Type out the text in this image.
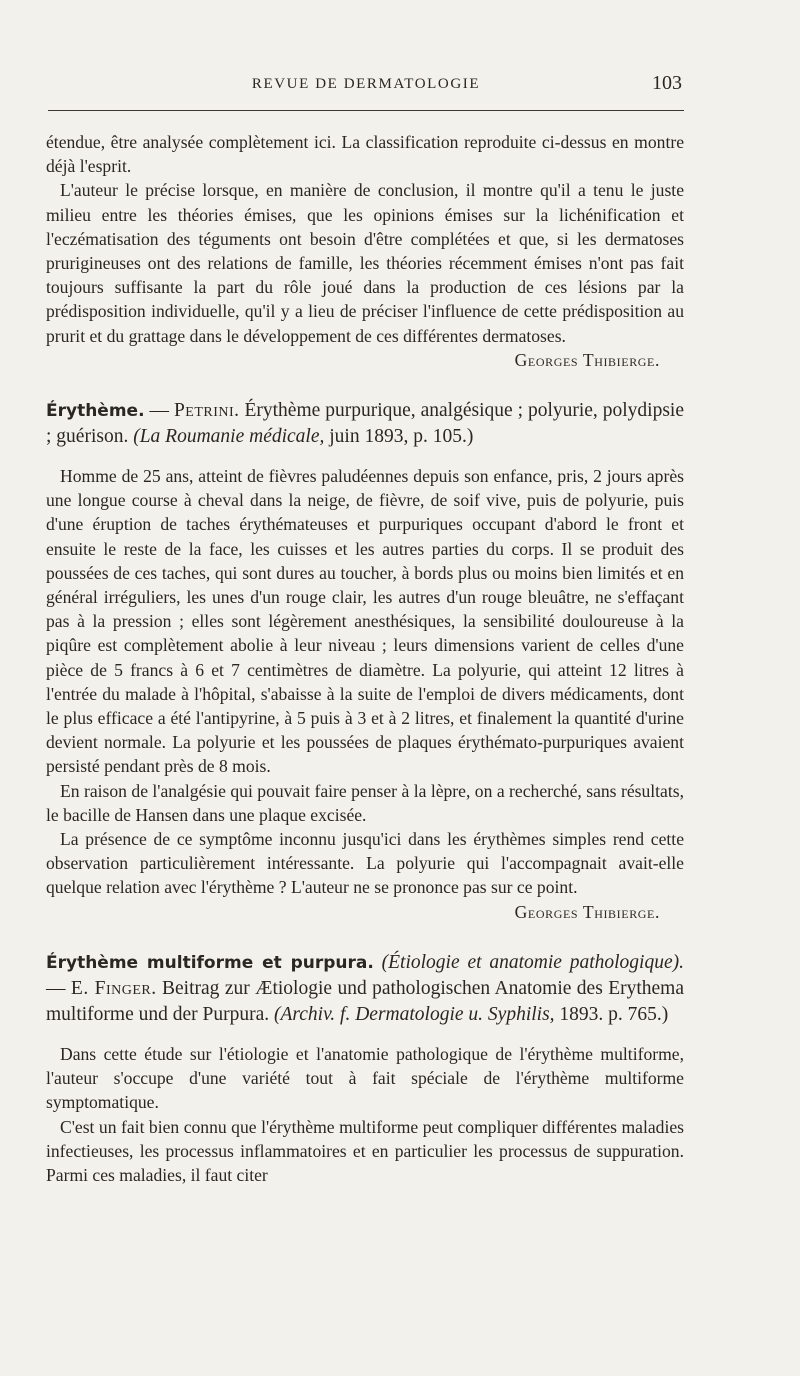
REVUE DE DERMATOLOGIE	103

étendue, être analysée complètement ici. La classification reproduite ci-dessus en montre déjà l'esprit.

L'auteur le précise lorsque, en manière de conclusion, il montre qu'il a tenu le juste milieu entre les théories émises, que les opinions émises sur la lichénification et l'eczématisation des téguments ont besoin d'être complétées et que, si les dermatoses prurigineuses ont des relations de famille, les théories récemment émises n'ont pas fait toujours suffisante la part du rôle joué dans la production de ces lésions par la prédisposition individuelle, qu'il y a lieu de préciser l'influence de cette prédisposition au prurit et du grattage dans le développement de ces différentes dermatoses.

Georges Thibierge.

Érythème. — Petrini. Érythème purpurique, analgésique ; polyurie, polydipsie ; guérison. (La Roumanie médicale, juin 1893, p. 105.)

Homme de 25 ans, atteint de fièvres paludéennes depuis son enfance, pris, 2 jours après une longue course à cheval dans la neige, de fièvre, de soif vive, puis de polyurie, puis d'une éruption de taches érythémateuses et purpuriques occupant d'abord le front et ensuite le reste de la face, les cuisses et les autres parties du corps. Il se produit des poussées de ces taches, qui sont dures au toucher, à bords plus ou moins bien limités et en général irréguliers, les unes d'un rouge clair, les autres d'un rouge bleuâtre, ne s'effaçant pas à la pression ; elles sont légèrement anesthésiques, la sensibilité douloureuse à la piqûre est complètement abolie à leur niveau ; leurs dimensions varient de celles d'une pièce de 5 francs à 6 et 7 centimètres de diamètre. La polyurie, qui atteint 12 litres à l'entrée du malade à l'hôpital, s'abaisse à la suite de l'emploi de divers médicaments, dont le plus efficace a été l'antipyrine, à 5 puis à 3 et à 2 litres, et finalement la quantité d'urine devient normale. La polyurie et les poussées de plaques érythémato-purpuriques avaient persisté pendant près de 8 mois.

En raison de l'analgésie qui pouvait faire penser à la lèpre, on a recherché, sans résultats, le bacille de Hansen dans une plaque excisée.

La présence de ce symptôme inconnu jusqu'ici dans les érythèmes simples rend cette observation particulièrement intéressante. La polyurie qui l'accompagnait avait-elle quelque relation avec l'érythème ? L'auteur ne se prononce pas sur ce point.

Georges Thibierge.

Érythème multiforme et purpura. (Étiologie et anatomie pathologique). — E. Finger. Beitrag zur Ætiologie und pathologischen Anatomie des Erythema multiforme und der Purpura. (Archiv. f. Dermatologie u. Syphilis, 1893. p. 765.)

Dans cette étude sur l'étiologie et l'anatomie pathologique de l'érythème multiforme, l'auteur s'occupe d'une variété tout à fait spéciale de l'érythème multiforme symptomatique.

C'est un fait bien connu que l'érythème multiforme peut compliquer différentes maladies infectieuses, les processus inflammatoires et en particulier les processus de suppuration. Parmi ces maladies, il faut citer
